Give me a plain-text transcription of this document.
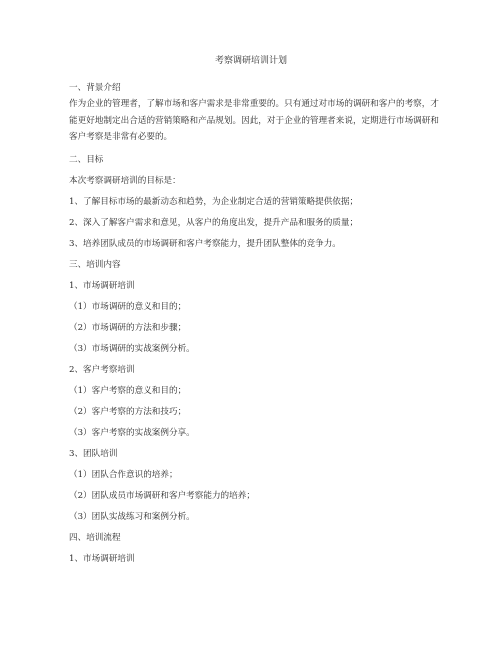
考察调研培训计划
一、背景介绍
作为企业的管理者，了解市场和客户需求是非常重要的。只有通过对市场的调研和客户的考察，才能更好地制定出合适的营销策略和产品规划。因此，对于企业的管理者来说，定期进行市场调研和客户考察是非常有必要的。
二、目标
本次考察调研培训的目标是：
1、了解目标市场的最新动态和趋势，为企业制定合适的营销策略提供依据；
2、深入了解客户需求和意见，从客户的角度出发，提升产品和服务的质量；
3、培养团队成员的市场调研和客户考察能力，提升团队整体的竞争力。
三、培训内容
1、市场调研培训
（1）市场调研的意义和目的；
（2）市场调研的方法和步骤；
（3）市场调研的实战案例分析。
2、客户考察培训
（1）客户考察的意义和目的；
（2）客户考察的方法和技巧；
（3）客户考察的实战案例分享。
3、团队培训
（1）团队合作意识的培养；
（2）团队成员市场调研和客户考察能力的培养；
（3）团队实战练习和案例分析。
四、培训流程
1、市场调研培训
